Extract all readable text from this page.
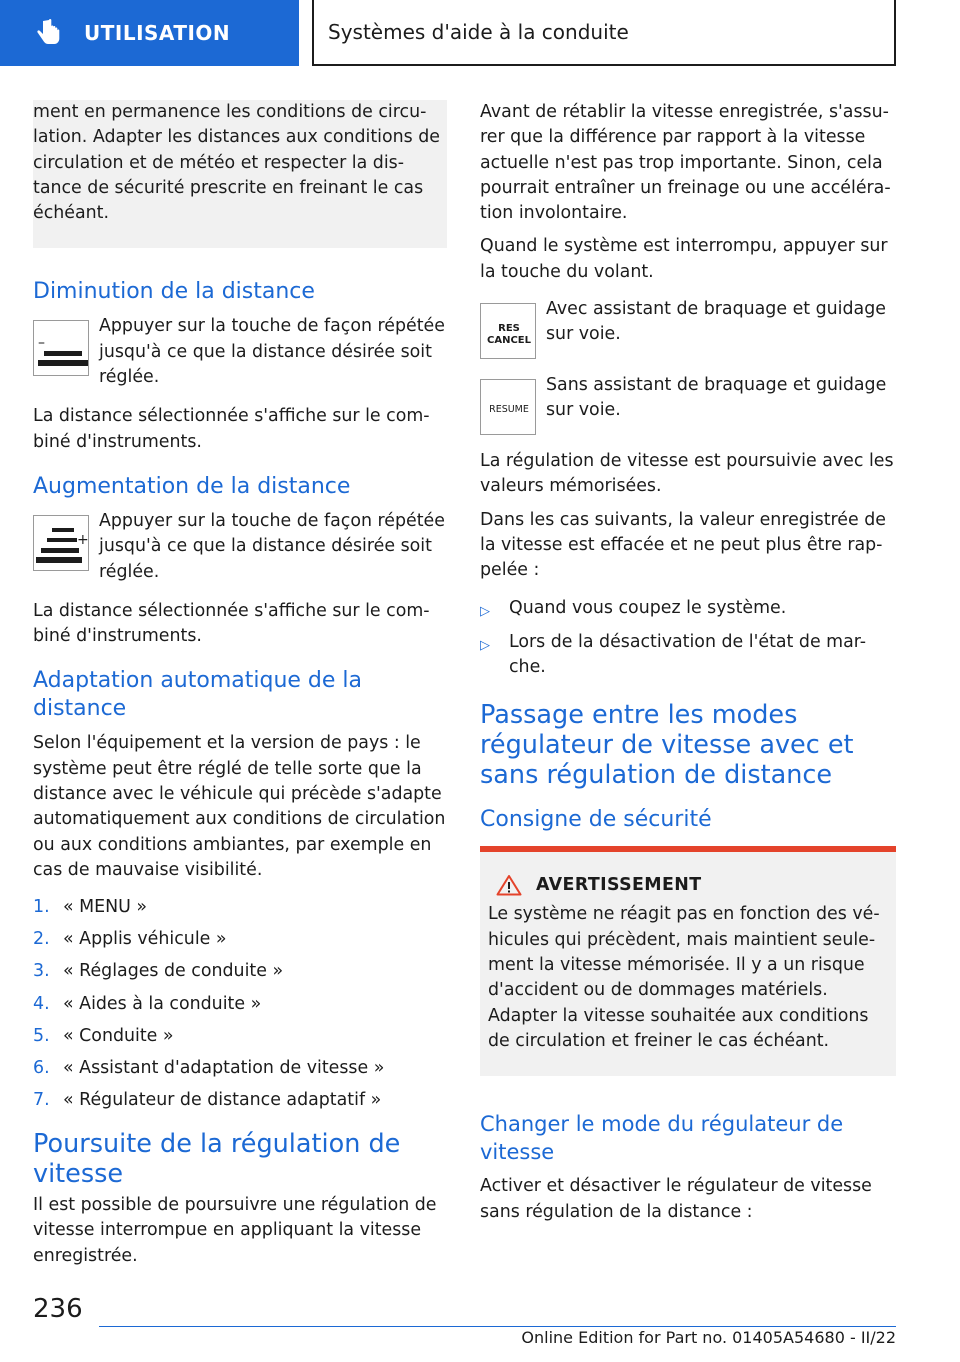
UTILISATION	Systèmes d'aide à la conduite

ment en permanence les conditions de circu-lation. Adapter les distances aux conditions de circulation et de météo et respecter la dis-tance de sécurité prescrite en freinant le cas échéant.

Diminution de la distance
–

Appuyer sur la touche de façon répétée jusqu'à ce que la distance désirée soit réglée.

La distance sélectionnée s'affiche sur le com-biné d'instruments.

Augmentation de la distance
+

Appuyer sur la touche de façon répétée jusqu'à ce que la distance désirée soit réglée.

La distance sélectionnée s'affiche sur le com-biné d'instruments.

Adaptation automatique de la distance

Selon l'équipement et la version de pays : le système peut être réglé de telle sorte que la distance avec le véhicule qui précède s'adapte automatiquement aux conditions de circulation ou aux conditions ambiantes, par exemple en cas de mauvaise visibilité.

1. « MENU »
2. « Applis véhicule »
3. « Réglages de conduite »
4. « Aides à la conduite »
5. « Conduite »
6. « Assistant d'adaptation de vitesse »
7. « Régulateur de distance adaptatif »
Poursuite de la régulation de vitesse

Il est possible de poursuivre une régulation de vitesse interrompue en appliquant la vitesse enregistrée.

Avant de rétablir la vitesse enregistrée, s'assu-rer que la différence par rapport à la vitesse actuelle n'est pas trop importante. Sinon, cela pourrait entraîner un freinage ou une accéléra-tion involontaire.

Quand le système est interrompu, appuyer sur la touche du volant.

RES
CANCEL

Avec assistant de braquage et guidage sur voie.

RESUME

Sans assistant de braquage et guidage sur voie.

La régulation de vitesse est poursuivie avec les valeurs mémorisées.

Dans les cas suivants, la valeur enregistrée de la vitesse est effacée et ne peut plus être rap-pelée :

▷	Quand vous coupez le système.
▷	Lors de la désactivation de l'état de mar-che.
Passage entre les modes régulateur de vitesse avec et sans régulation de distance
Consigne de sécurité
AVERTISSEMENT

Le système ne réagit pas en fonction des vé-hicules qui précèdent, mais maintient seule-ment la vitesse mémorisée. Il y a un risque d'accident ou de dommages matériels. Adapter la vitesse souhaitée aux conditions de circulation et freiner le cas échéant.

Changer le mode du régulateur de vitesse

Activer et désactiver le régulateur de vitesse sans régulation de la distance :

236
Online Edition for Part no. 01405A54680 - II/22
